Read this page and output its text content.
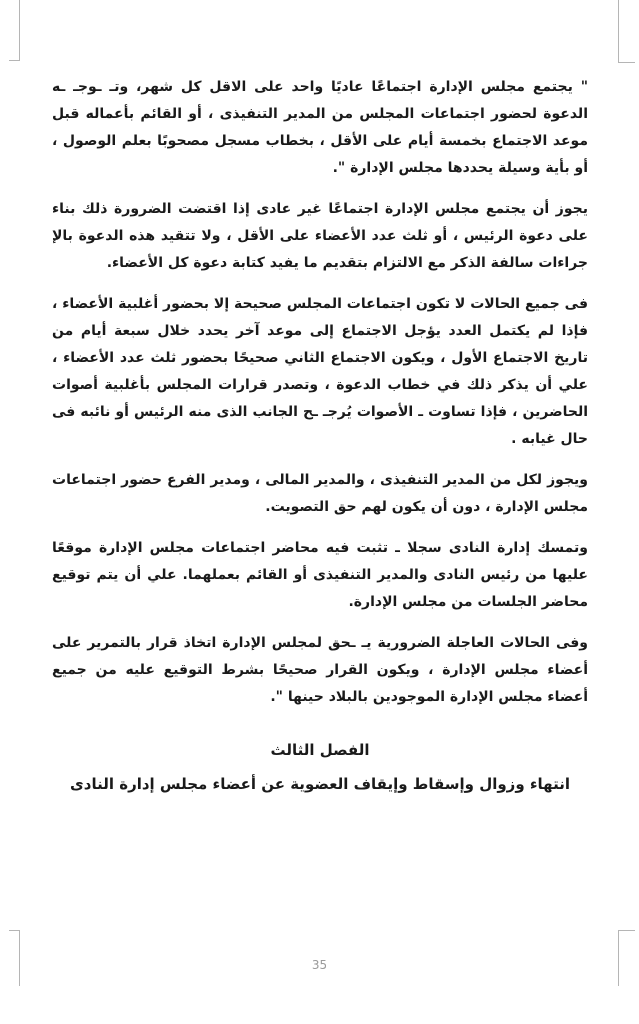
" يجتمع مجلس الإدارة اجتماعًا عاديًا واحد على الاقل كل شهر، وتـ ـوجـ ـه الدعوة لحضور اجتماعات المجلس من المدير التنفيذى ، أو القائم بأعماله قبل موعد الاجتماع بخمسة أيام على الأقل ، بخطاب مسجل مصحوبًا بعلم الوصول ، أو بأية وسيلة يحددها مجلس الإدارة ".

يجوز أن يجتمع مجلس الإدارة اجتماعًا غير عادى إذا اقتضت الضرورة ذلك بناء على دعوة الرئيس ، أو ثلث عدد الأعضاء على الأقل ، ولا تتقيد هذه الدعوة بالإ جراءات سالفة الذكر مع الالتزام بتقديم ما يفيد كتابة دعوة كل الأعضاء.

فى جميع الحالات لا تكون اجتماعات المجلس صحيحة إلا بحضور أغلبية الأعضاء ، فإذا لم يكتمل العدد يؤجل الاجتماع إلى موعد آخر يحدد خلال سبعة أيام من تاريخ الاجتماع الأول ، ويكون الاجتماع الثاني صحيحًا بحضور ثلث عدد الأعضاء ، علي أن يذكر ذلك في خطاب الدعوة ، وتصدر قرارات المجلس بأغلبية أصوات الحاضرين ، فإذا تساوت ـ الأصوات يُرجـ ـح الجانب الذى منه الرئيس أو نائبه فى حال غيابه .

ويجوز لكل من المدير التنفيذى ، والمدير المالى ، ومدير الفرع حضور اجتماعات مجلس الإدارة ، دون أن يكون لهم حق التصويت.

وتمسك إدارة النادى سجلا ـ تثبت فيه محاضر اجتماعات مجلس الإدارة موقعًا عليها من رئيس النادى والمدير التنفيذى أو القائم بعملهما. علي أن يتم توقيع محاضر الجلسات من مجلس الإدارة.

وفى الحالات العاجلة الضرورية يـ ـحق لمجلس الإدارة اتخاذ قرار بالتمرير على أعضاء مجلس الإدارة ، ويكون القرار صحيحًا بشرط التوقيع عليه من جميع أعضاء مجلس الإدارة الموجودين بالبلاد حينها ".

الفصل الثالث
انتهاء وزوال وإسقاط وإيقاف العضوية عن أعضاء مجلس إدارة النادى
35
